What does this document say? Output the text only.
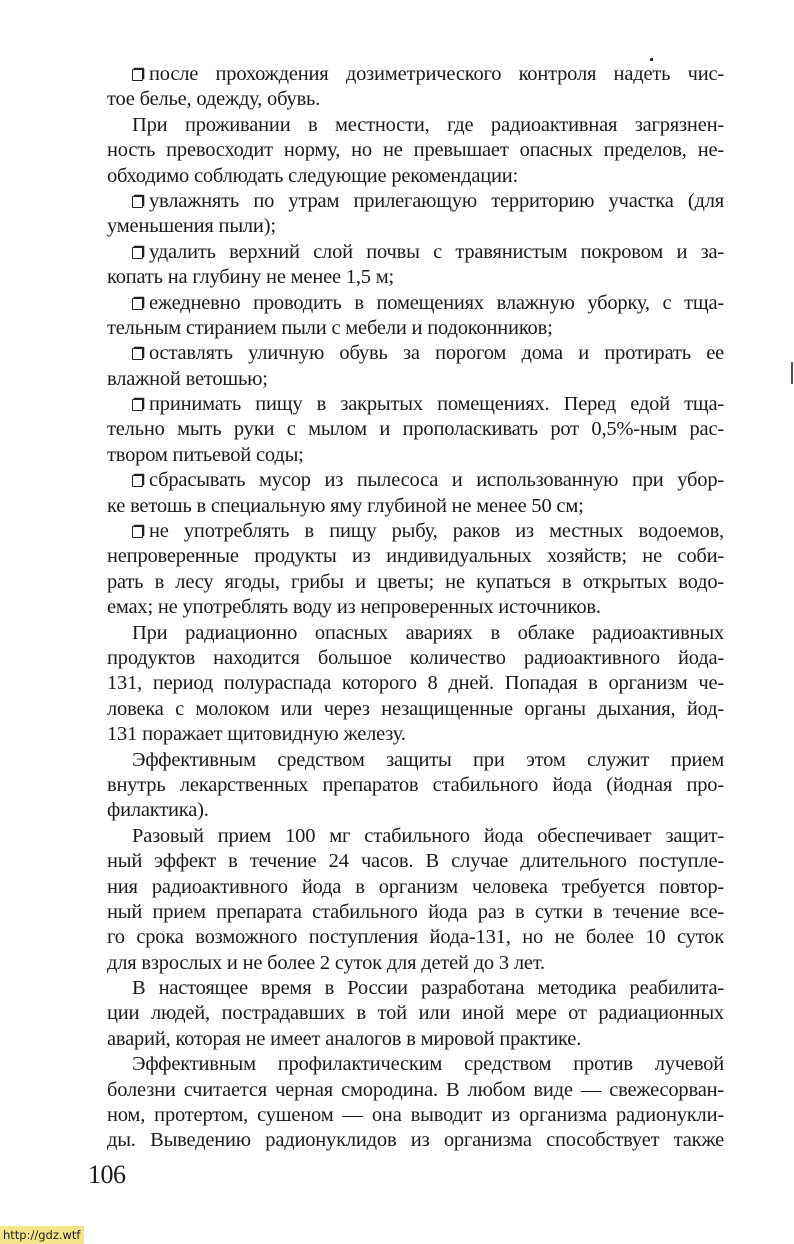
после прохождения дозиметрического контроля надеть чис-
тое белье, одежду, обувь.
При проживании в местности, где радиоактивная загрязнен-
ность превосходит норму, но не превышает опасных пределов, не-
обходимо соблюдать следующие рекомендации:
увлажнять по утрам прилегающую территорию участка (для
уменьшения пыли);
удалить верхний слой почвы с травянистым покровом и за-
копать на глубину не менее 1,5 м;
ежедневно проводить в помещениях влажную уборку, с тща-
тельным стиранием пыли с мебели и подоконников;
оставлять уличную обувь за порогом дома и протирать ее
влажной ветошью;
принимать пищу в закрытых помещениях. Перед едой тща-
тельно мыть руки с мылом и прополаскивать рот 0,5%-ным рас-
твором питьевой соды;
сбрасывать мусор из пылесоса и использованную при убор-
ке ветошь в специальную яму глубиной не менее 50 см;
не употреблять в пищу рыбу, раков из местных водоемов,
непроверенные продукты из индивидуальных хозяйств; не соби-
рать в лесу ягоды, грибы и цветы; не купаться в открытых водо-
емах; не употреблять воду из непроверенных источников.
При радиационно опасных авариях в облаке радиоактивных
продуктов находится большое количество радиоактивного йода-
131, период полураспада которого 8 дней. Попадая в организм че-
ловека с молоком или через незащищенные органы дыхания, йод-
131 поражает щитовидную железу.
Эффективным средством защиты при этом служит прием
внутрь лекарственных препаратов стабильного йода (йодная про-
филактика).
Разовый прием 100 мг стабильного йода обеспечивает защит-
ный эффект в течение 24 часов. В случае длительного поступле-
ния радиоактивного йода в организм человека требуется повтор-
ный прием препарата стабильного йода раз в сутки в течение все-
го срока возможного поступления йода-131, но не более 10 суток
для взрослых и не более 2 суток для детей до 3 лет.
В настоящее время в России разработана методика реабилита-
ции людей, пострадавших в той или иной мере от радиационных
аварий, которая не имеет аналогов в мировой практике.
Эффективным профилактическим средством против лучевой
болезни считается черная смородина. В любом виде — свежесорван-
ном, протертом, сушеном — она выводит из организма радионукли-
ды. Выведению радионуклидов из организма способствует также
106
http://gdz.wtf
